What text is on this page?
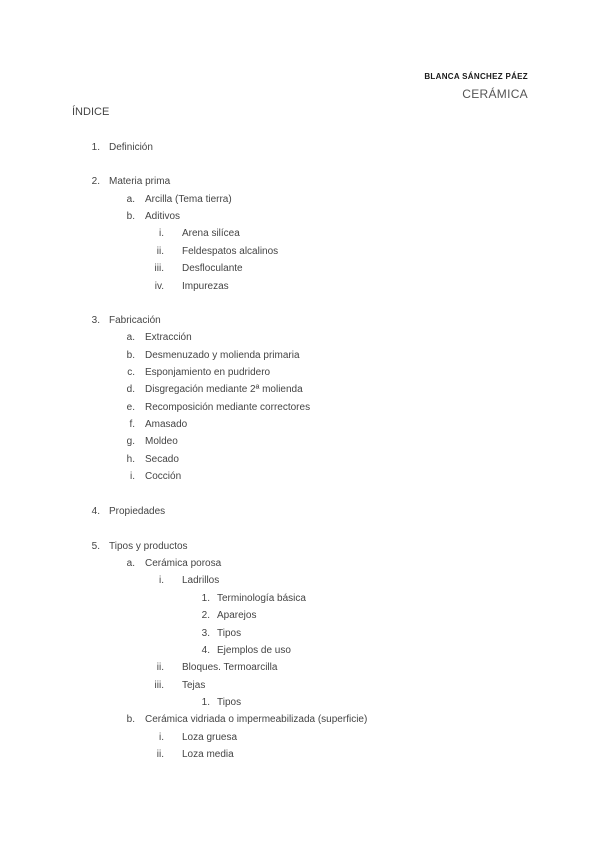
BLANCA SÁNCHEZ PÁEZ
CERÁMICA
ÍNDICE
1. Definición
2. Materia prima
a. Arcilla (Tema tierra)
b. Aditivos
i. Arena silícea
ii. Feldespatos alcalinos
iii. Desfloculante
iv. Impurezas
3. Fabricación
a. Extracción
b. Desmenuzado y molienda primaria
c. Esponjamiento en pudridero
d. Disgregación mediante 2ª molienda
e. Recomposición mediante correctores
f. Amasado
g. Moldeo
h. Secado
i. Cocción
4. Propiedades
5. Tipos y productos
a. Cerámica porosa
i. Ladrillos
1. Terminología básica
2. Aparejos
3. Tipos
4. Ejemplos de uso
ii. Bloques. Termoarcilla
iii. Tejas
1. Tipos
b. Cerámica vidriada o impermeabilizada (superficie)
i. Loza gruesa
ii. Loza media
